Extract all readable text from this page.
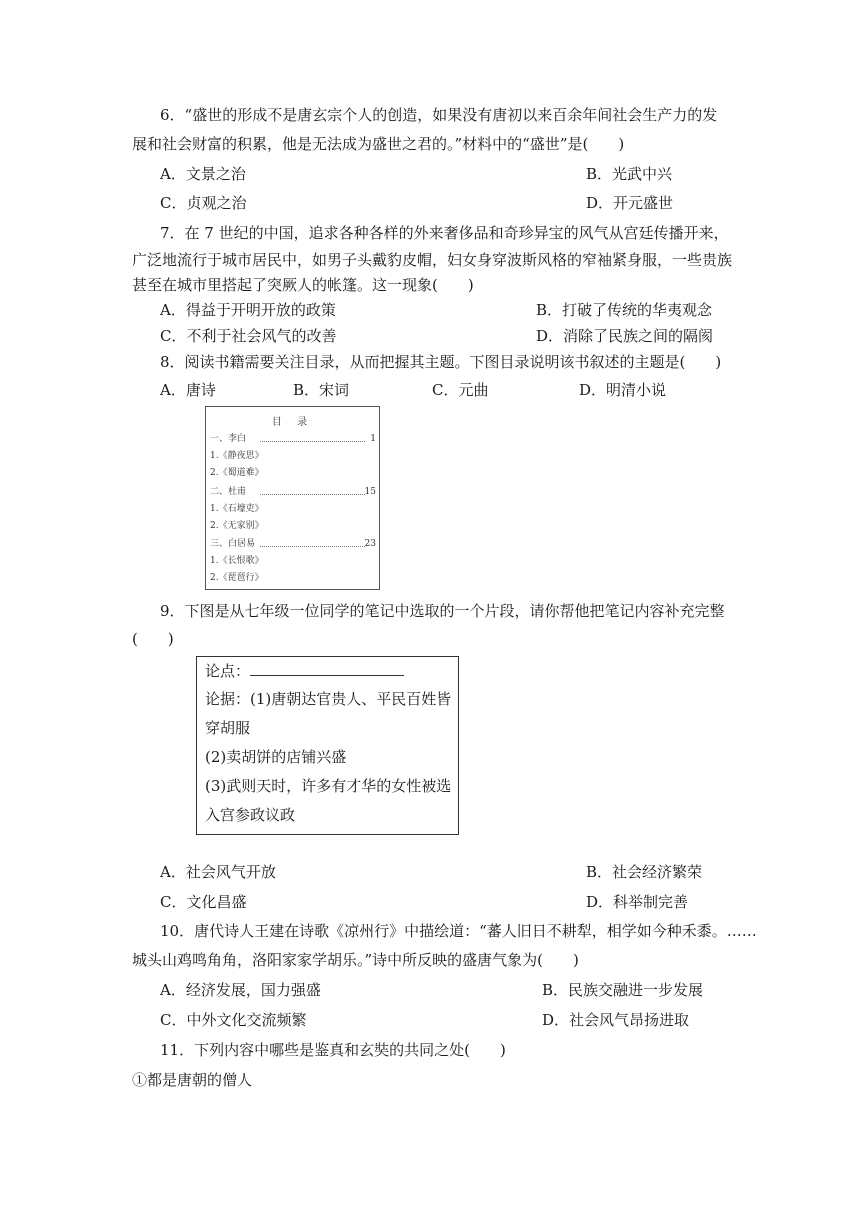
6．“盛世的形成不是唐玄宗个人的创造，如果没有唐初以来百余年间社会生产力的发
展和社会财富的积累，他是无法成为盛世之君的。”材料中的“盛世”是(　　)
A．文景之治	B．光武中兴
C．贞观之治	D．开元盛世
7．在 7 世纪的中国，追求各种各样的外来奢侈品和奇珍异宝的风气从宫廷传播开来，
广泛地流行于城市居民中，如男子头戴豹皮帽，妇女身穿波斯风格的窄袖紧身服，一些贵族
甚至在城市里搭起了突厥人的帐篷。这一现象(　　)
A．得益于开明开放的政策	B．打破了传统的华夷观念
C．不利于社会风气的改善	D．消除了民族之间的隔阂
8．阅读书籍需要关注目录，从而把握其主题。下图目录说明该书叙述的主题是(　　)
A．唐诗	B．宋词	C．元曲	D．明清小说
目 录
一、李白	1
1.《静夜思》
2.《蜀道难》
二、杜甫	15
1.《石壕吏》
2.《无家别》
三、白居易	23
1.《长恨歌》
2.《琵琶行》
9．下图是从七年级一位同学的笔记中选取的一个片段，请你帮他把笔记内容补充完整
(　　)
论点：
论据：(1)唐朝达官贵人、平民百姓皆
穿胡服
(2)卖胡饼的店铺兴盛
(3)武则天时，许多有才华的女性被选
入宫参政议政
A．社会风气开放	B．社会经济繁荣
C．文化昌盛	D．科举制完善
10．唐代诗人王建在诗歌《凉州行》中描绘道：“蕃人旧日不耕犁，相学如今种禾黍。……
城头山鸡鸣角角，洛阳家家学胡乐。”诗中所反映的盛唐气象为(　　)
A．经济发展，国力强盛	B．民族交融进一步发展
C．中外文化交流频繁	D．社会风气昂扬进取
11．下列内容中哪些是鉴真和玄奘的共同之处(　　)
①都是唐朝的僧人
